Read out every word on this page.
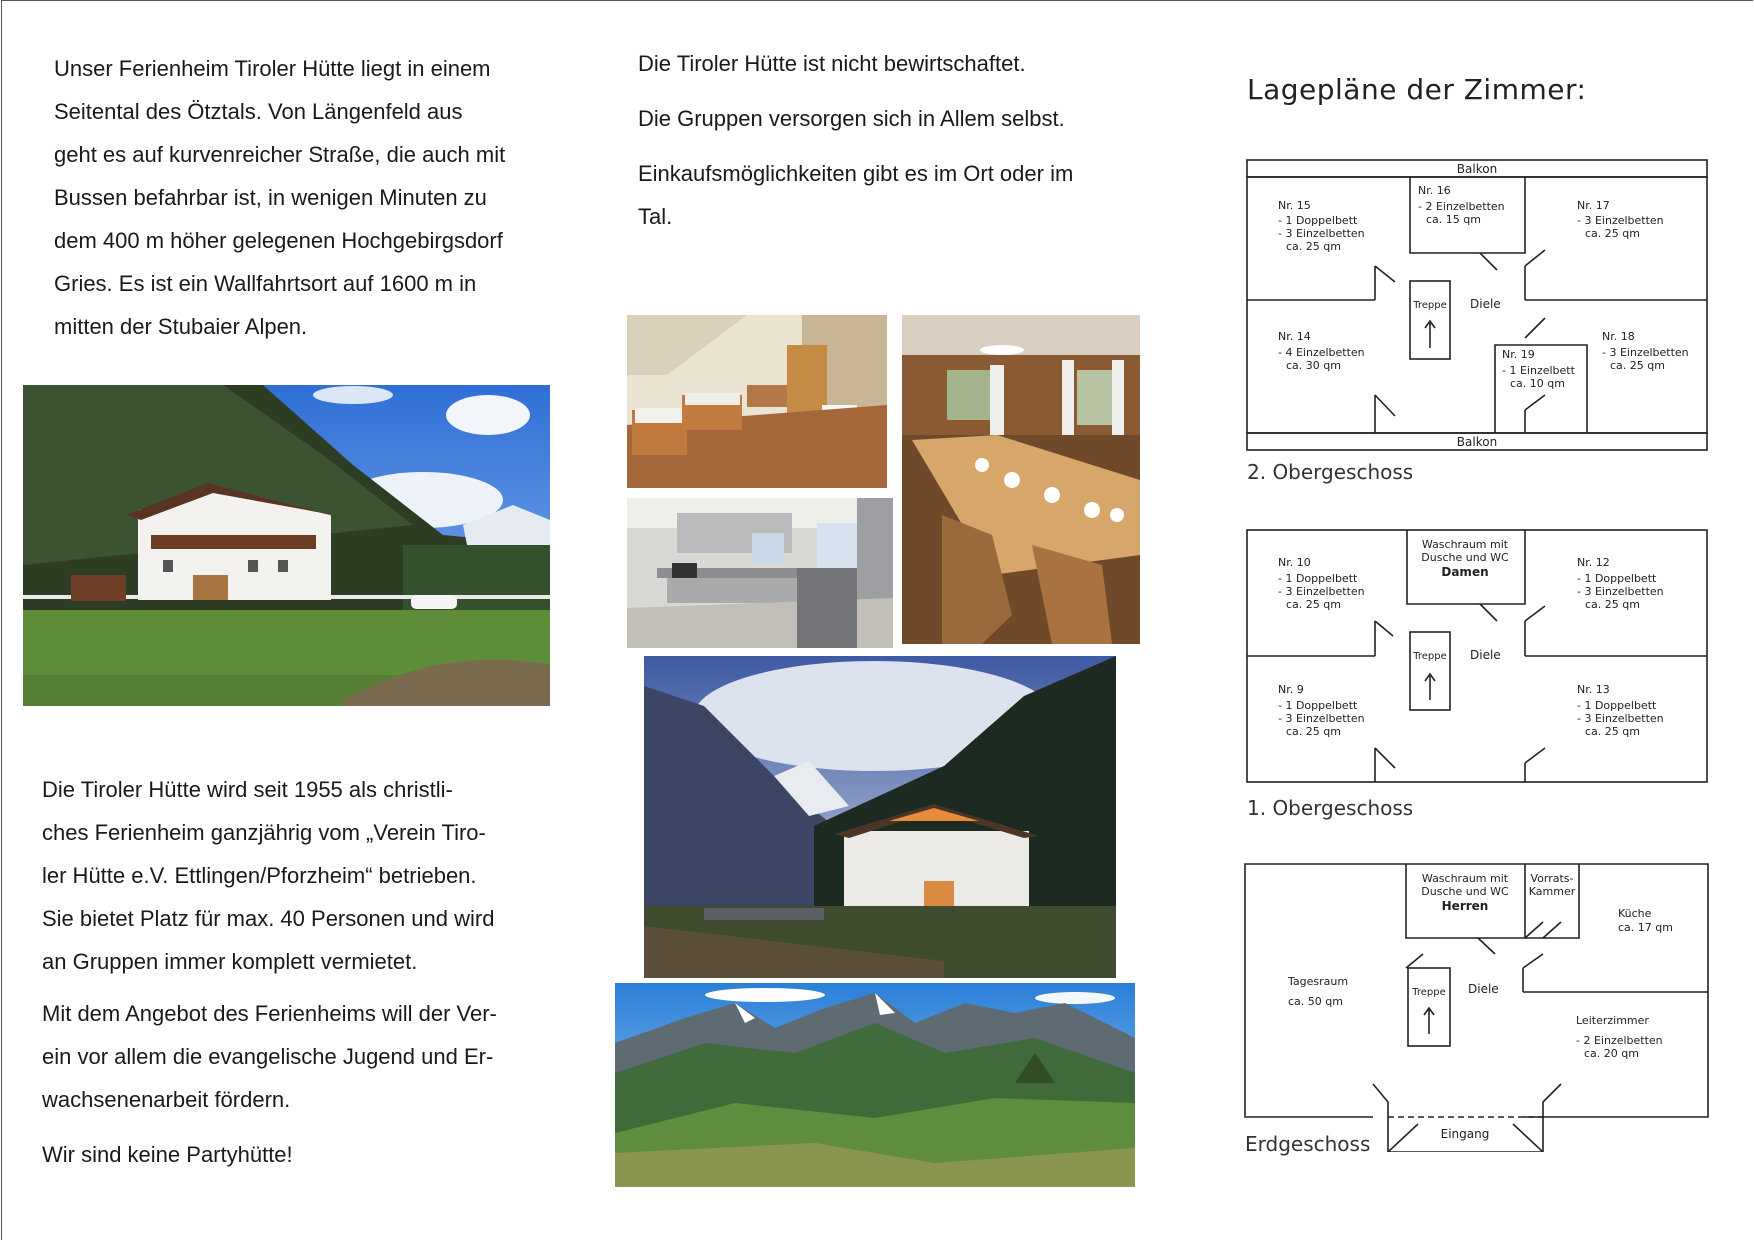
Unser Ferienheim Tiroler Hütte liegt in einem

Seitental des Ötztals. Von Längenfeld aus

geht es auf kurvenreicher Straße, die auch mit

Bussen befahrbar ist, in wenigen Minuten zu

dem 400 m höher gelegenen Hochgebirgsdorf

Gries. Es ist ein Wallfahrtsort auf 1600 m in

mitten der Stubaier Alpen.

Die Tiroler Hütte wird seit 1955 als christli-

ches Ferienheim ganzjährig vom „Verein Tiro-

ler Hütte e.V. Ettlingen/Pforzheim“ betrieben.

Sie bietet Platz für max. 40 Personen und wird

an Gruppen immer komplett vermietet.

Mit dem Angebot des Ferienheims will der Ver-

ein vor allem die evangelische Jugend und Er-

wachsenenarbeit fördern.

Wir sind keine Partyhütte!
Die Tiroler Hütte ist nicht bewirtschaftet.
Die Gruppen versorgen sich in Allem selbst.
Einkaufsmöglichkeiten gibt es im Ort oder im
Tal.
Lagepläne der Zimmer:
Balkon
Balkon
Treppe Diele
Nr. 15
- 1 Doppelbett
- 3 Einzelbetten
ca. 25 qm
Nr. 16
- 2 Einzelbetten
ca. 15 qm
Nr. 17
- 3 Einzelbetten
ca. 25 qm
Nr. 14
- 4 Einzelbetten
ca. 30 qm
Nr. 19
- 1 Einzelbett
ca. 10 qm
Nr. 18
- 3 Einzelbetten
ca. 25 qm
2. Obergeschoss
Treppe Diele
Waschraum mit
Dusche und WC
Damen
Nr. 10
- 1 Doppelbett
- 3 Einzelbetten
ca. 25 qm
Nr. 12
- 1 Doppelbett
- 3 Einzelbetten
ca. 25 qm
Nr. 9
- 1 Doppelbett
- 3 Einzelbetten
ca. 25 qm
Nr. 13
- 1 Doppelbett
- 3 Einzelbetten
ca. 25 qm
1. Obergeschoss
Treppe Diele
Eingang
Waschraum mit
Dusche und WC
Herren
Vorrats-
Kammer
Küche
ca. 17 qm
Tagesraum
ca. 50 qm
Leiterzimmer
- 2 Einzelbetten
ca. 20 qm
Erdgeschoss
